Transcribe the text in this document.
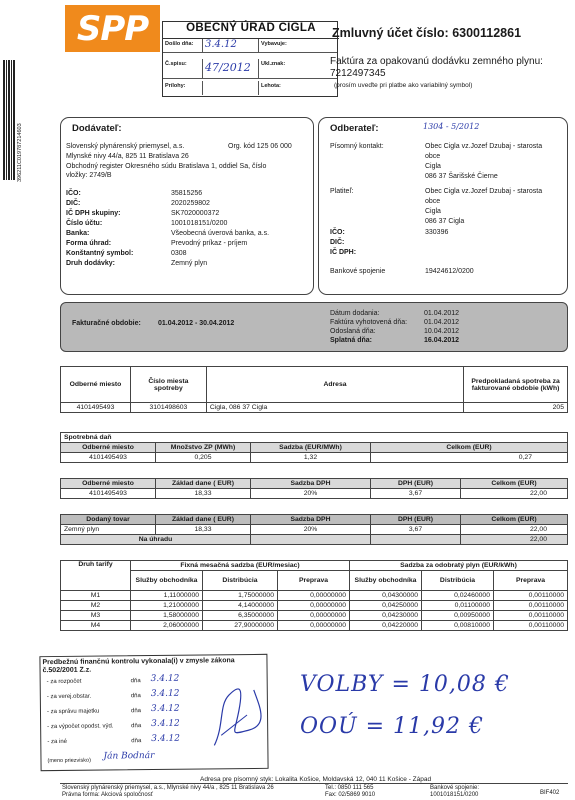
396211C019787214603
SPP	OBECNÝ ÚRAD CIGLA
Došlo dňa:	3.4.12	Vybavuje:
Č.spisu:	47/2012	Ukl.znak:
Prílohy:	Lehota:
Zmluvný účet číslo: 6300112861
Faktúra za opakovanú dodávku zemného plynu:
7212497345
(prosím uveďte pri platbe ako variabilný symbol)
Dodávateľ:
Slovenský plynárenský priemysel, a.s.	Org. kód 125 06 000
Mlynské nivy 44/a, 825 11 Bratislava 26
Obchodný register Okresného súdu Bratislava 1, oddiel Sa, číslo
vložky: 2749/B
IČO:	35815256
DIČ:	2020259802
IČ DPH skupiny:	SK7020000372
Číslo účtu:	1001018151/0200
Banka:	Všeobecná úverová banka, a.s.
Forma úhrad:	Prevodný príkaz - príjem
Konštantný symbol:	0308
Druh dodávky:	Zemný plyn
Odberateľ:	1304 - 5/2012
Písomný kontakt:	Obec Cigla vz.Jozef Dzubaj - starosta
obce
Cigla
086 37 Šarišské Čierne
Platiteľ:	Obec Cigla vz.Jozef Dzubaj - starosta
obce
Cigla
086 37 Cigla
IČO:	330396
DIČ:
IČ DPH:
Bankové spojenie	19424612/0200
Fakturačné obdobie: 01.04.2012 - 30.04.2012
Dátum dodania:	01.04.2012
Faktúra vyhotovená dňa: 01.04.2012
Odoslaná dňa:	10.04.2012
Splatná dňa:	16.04.2012
Odberné miesto	Číslo miesta spotreby	Adresa	Predpokladaná spotreba za fakturované obdobie (kWh)
4101495493	3101498603	Cigla, 086 37 Cigla	205
Spotrebná daň			
Odberné miesto	Množstvo ZP (MWh)	Sadzba (EUR/MWh)	Celkom (EUR)
4101495493	0,205	1,32	0,27
Odberné miesto	Základ dane ( EUR)	Sadzba DPH	DPH (EUR)	Celkom (EUR)
4101495493	18,33	20%	3,67	22,00
Dodaný tovar	Základ dane ( EUR)	Sadzba DPH	DPH (EUR)	Celkom (EUR)
Zemný plyn	18,33	20%	3,67	22,00
Na úhradu				22,00
Druh tarify	Fixná mesačná sadzba (EUR/mesiac)			Sadzba za odobratý plyn (EUR/kWh)		
	Služby obchodníka	Distribúcia	Preprava	Služby obchodníka	Distribúcia	Preprava
M1	1,11000000	1,75000000	0,00000000	0,04300000	0,02460000	0,00110000
M2	1,21000000	4,14000000	0,00000000	0,04250000	0,01100000	0,00110000
M3	1,58000000	6,35000000	0,00000000	0,04230000	0,00950000	0,00110000
M4	2,06000000	27,90000000	0,00000000	0,04220000	0,00810000	0,00110000
Predbežnú finančnú kontrolu vykonala(i) v zmysle zákona č.502/2001 Z.z.
- za rozpočet	dňa 3.4.12
- za verej.obstar.	dňa 3.4.12
- za správu majetku	dňa 3.4.12
- za výpočet opodst. výd.	dňa 3.4.12
- za iné	dňa 3.4.12
(meno priezvisko) Ján Bodnár
VOLBY = 10,08 €
OOÚ = 11,92 €
Adresa pre písomný styk: Lokalita Košice, Moldavská 12, 040 11 Košice - Západ
Slovenský plynárenský priemysel, a.s., Mlynské nivy 44/a , 825 11 Bratislava 26	Tel.: 0850 111 565	Bankové spojenie:
Právna forma: Akciová spoločnosť	Fax: 02/5869 9010	1001018151/0200	BIF402
